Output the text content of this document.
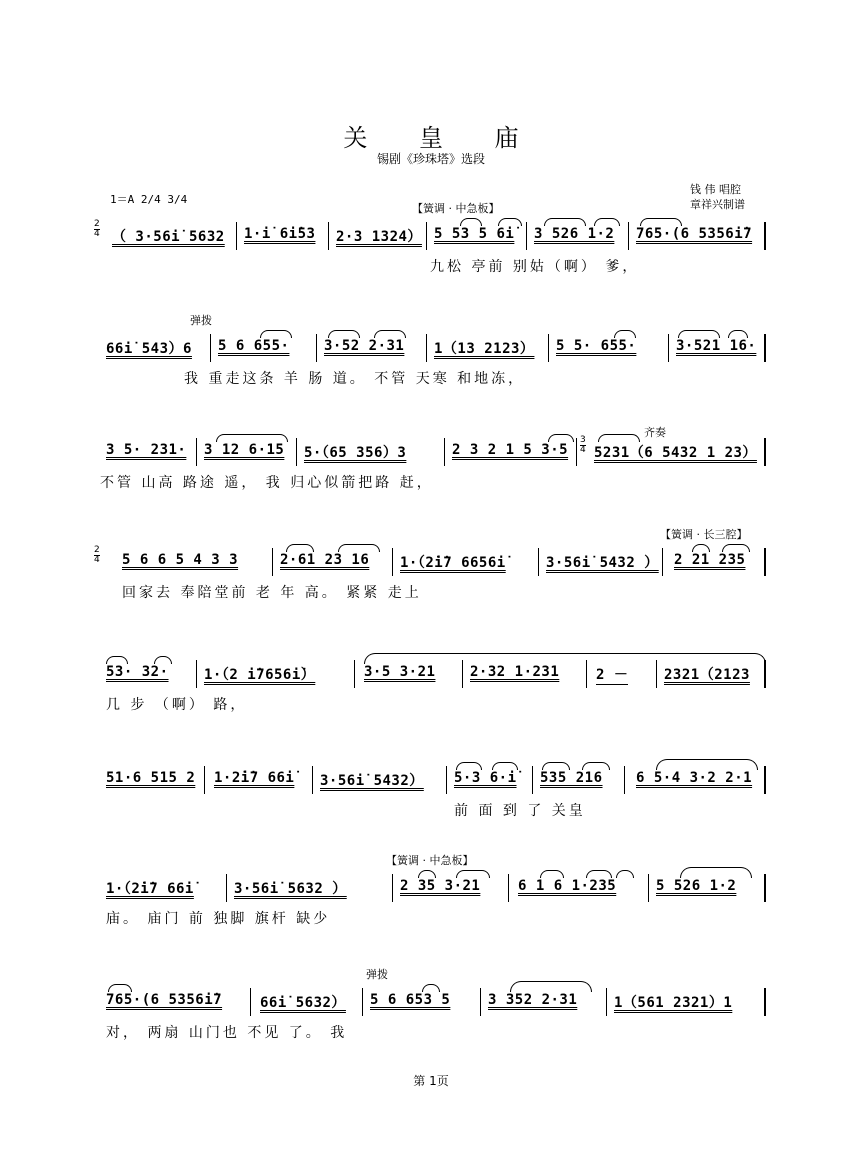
关 皇 庙
锡剧《珍珠塔》选段
1＝A 2/4 3/4
钱 伟 唱腔
章祥兴制谱
【簧调 · 中急板】
弹拨
齐奏
【簧调 · 长三腔】
【簧调 · 中急板】
弹拨
2
4 （ 3·56i̇ 5632 1·i̇ 6i̇53 2·3 1324） 5 53 5 6i̇ 3 526 1·2 765·(6 5356i̇7
九松 亭前 别姑（啊） 爹，
66i̇ 543）6 5 6 655· 3·52 2·31 1（13 2123） 5 5· 655·	3·521 16·
我 重走这条 羊 肠 道。 不管 天寒 和地冻，
3 5· 231· 3 12 6·15 5·（65 356）3	2 3 2 1 5 3·5
3
4 5231（6 5432 1 23）
不管 山高 路途 遥， 我 归心似箭把路 赶，
2
4 5 6 6 5 4 3 3	2·61 23 16 1·（2̇i̇7 6656i̇	3·56i̇ 5432 ） 2 21 235
回家去 奉陪堂前 老 年 高。 紧紧 走上
53· 32·	1·（2 i̇7656i̇）	3·5 3·21 2·32 1·231	2 －	2321（2123
几 步 （啊） 路，
51·6 515 2 1·2̇i̇7 66i̇ 3·56i̇ 5432） 5·3 6·i̇ 535 216 6 5·4 3·2 2·1
前 面 到 了 关皇
1·（2̇i̇7 66i̇	3·56i̇ 5632 ）	2 35 3·21	6 1 6 1·235	5 526 1·2
庙。 庙门 前 独脚 旗杆 缺少
765·(6 5356i̇7	66i̇ 5632） 5 6 653 5	3 352 2·31	1（561 2321）1
对， 两扇 山门也 不见 了。 我
第 1页
